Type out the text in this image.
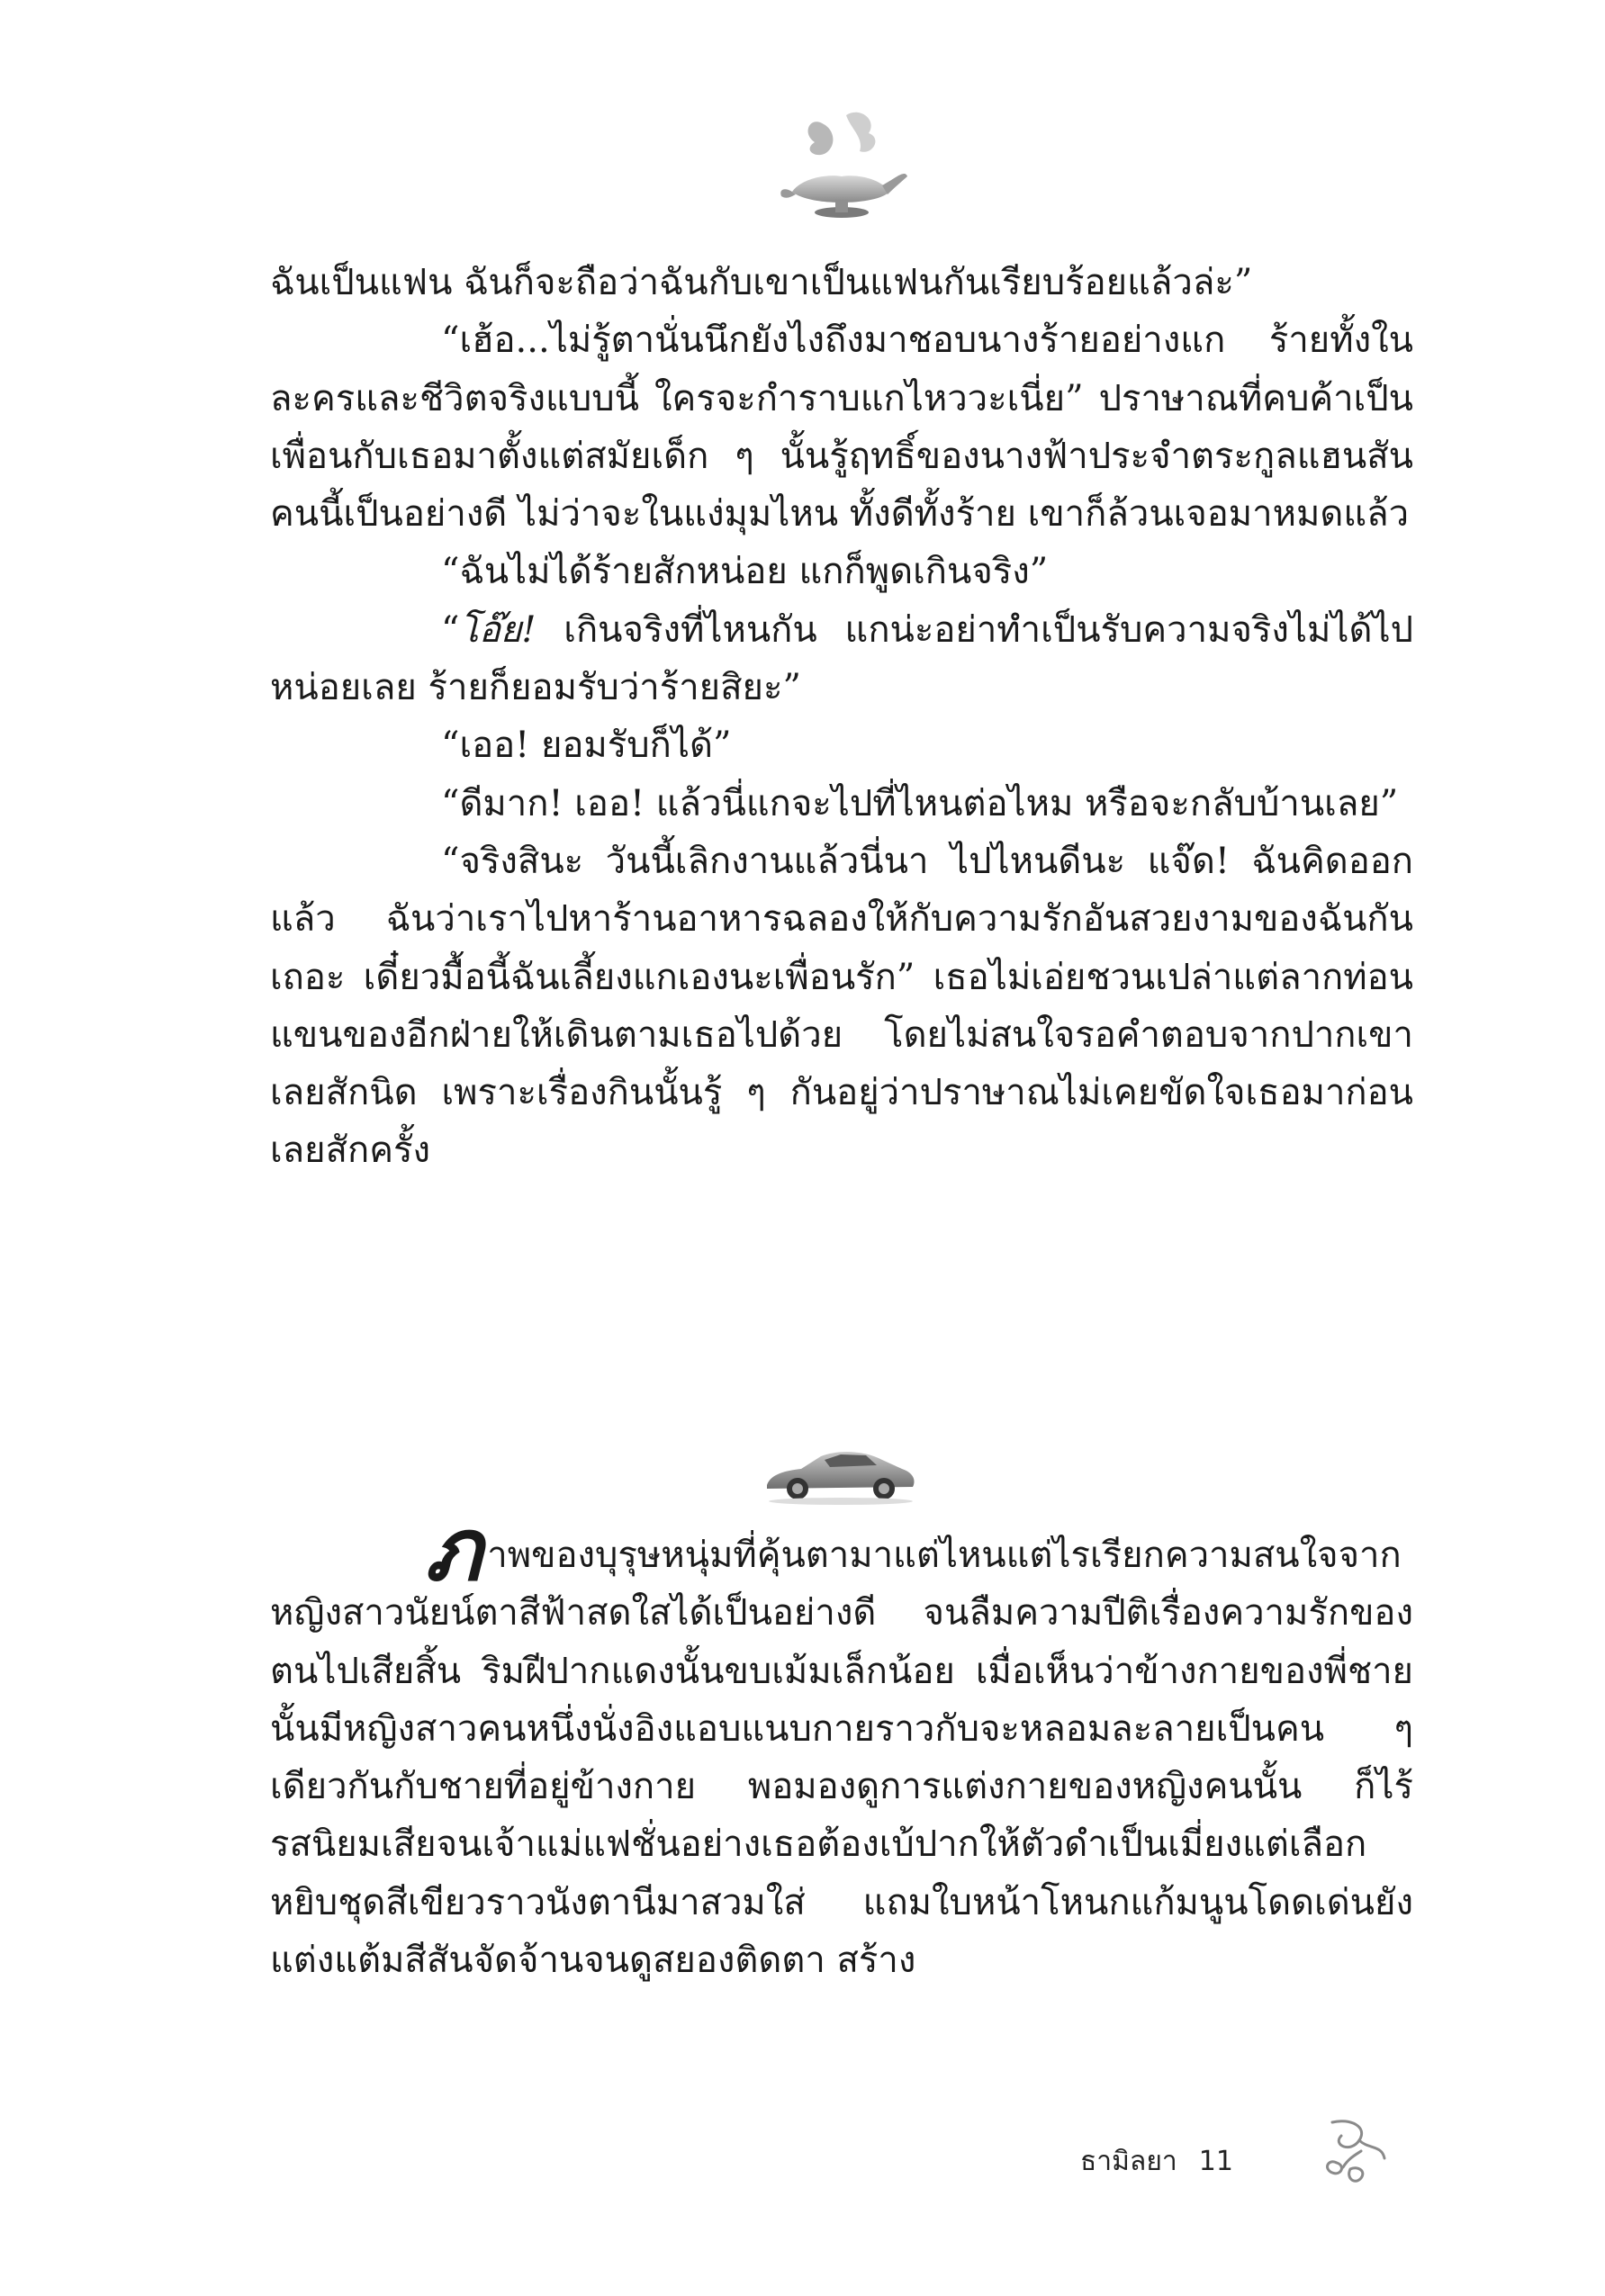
ฉันเป็นแฟน ฉันก็จะถือว่าฉันกับเขาเป็นแฟนกันเรียบร้อยแล้วล่ะ”

“เฮ้อ...ไม่รู้ตานั่นนึกยังไงถึงมาชอบนางร้ายอย่างแก ร้ายทั้งในละครและชีวิตจริงแบบนี้ ใครจะกำราบแกไหววะเนี่ย” ปราษาณที่คบค้าเป็นเพื่อนกับเธอมาตั้งแต่สมัยเด็ก ๆ นั้นรู้ฤทธิ์ของนางฟ้าประจำตระกูลแฮนสันคนนี้เป็นอย่างดี ไม่ว่าจะในแง่มุมไหน ทั้งดีทั้งร้าย เขาก็ล้วนเจอมาหมดแล้ว

“ฉันไม่ได้ร้ายสักหน่อย แกก็พูดเกินจริง”

“โอ๊ย! เกินจริงที่ไหนกัน แกน่ะอย่าทำเป็นรับความจริงไม่ได้ไปหน่อยเลย ร้ายก็ยอมรับว่าร้ายสิยะ”

“เออ! ยอมรับก็ได้”

“ดีมาก! เออ! แล้วนี่แกจะไปที่ไหนต่อไหม หรือจะกลับบ้านเลย”

“จริงสินะ วันนี้เลิกงานแล้วนี่นา ไปไหนดีนะ แจ๊ด! ฉันคิดออกแล้ว ฉันว่าเราไปหาร้านอาหารฉลองให้กับความรักอันสวยงามของฉันกันเถอะ เดี๋ยวมื้อนี้ฉันเลี้ยงแกเองนะเพื่อนรัก” เธอไม่เอ่ยชวนเปล่าแต่ลากท่อนแขนของอีกฝ่ายให้เดินตามเธอไปด้วย โดยไม่สนใจรอคำตอบจากปากเขาเลยสักนิด เพราะเรื่องกินนั้นรู้ ๆ กันอยู่ว่าปราษาณไม่เคยขัดใจเธอมาก่อนเลยสักครั้ง

ภาพของบุรุษหนุ่มที่คุ้นตามาแต่ไหนแต่ไรเรียกความสนใจจากหญิงสาวนัยน์ตาสีฟ้าสดใสได้เป็นอย่างดี จนลืมความปีติเรื่องความรักของตนไปเสียสิ้น ริมฝีปากแดงนั้นขบเม้มเล็กน้อย เมื่อเห็นว่าข้างกายของพี่ชายนั้นมีหญิงสาวคนหนึ่งนั่งอิงแอบแนบกายราวกับจะหลอมละลายเป็นคน ๆ เดียวกันกับชายที่อยู่ข้างกาย พอมองดูการแต่งกายของหญิงคนนั้น ก็ไร้รสนิยมเสียจนเจ้าแม่แฟชั่นอย่างเธอต้องเบ้ปากให้ตัวดำเป็นเมี่ยงแต่เลือกหยิบชุดสีเขียวราวนังตานีมาสวมใส่ แถมใบหน้าโหนกแก้มนูนโดดเด่นยังแต่งแต้มสีสันจัดจ้านจนดูสยองติดตา สร้าง

ธามิลยา 11
